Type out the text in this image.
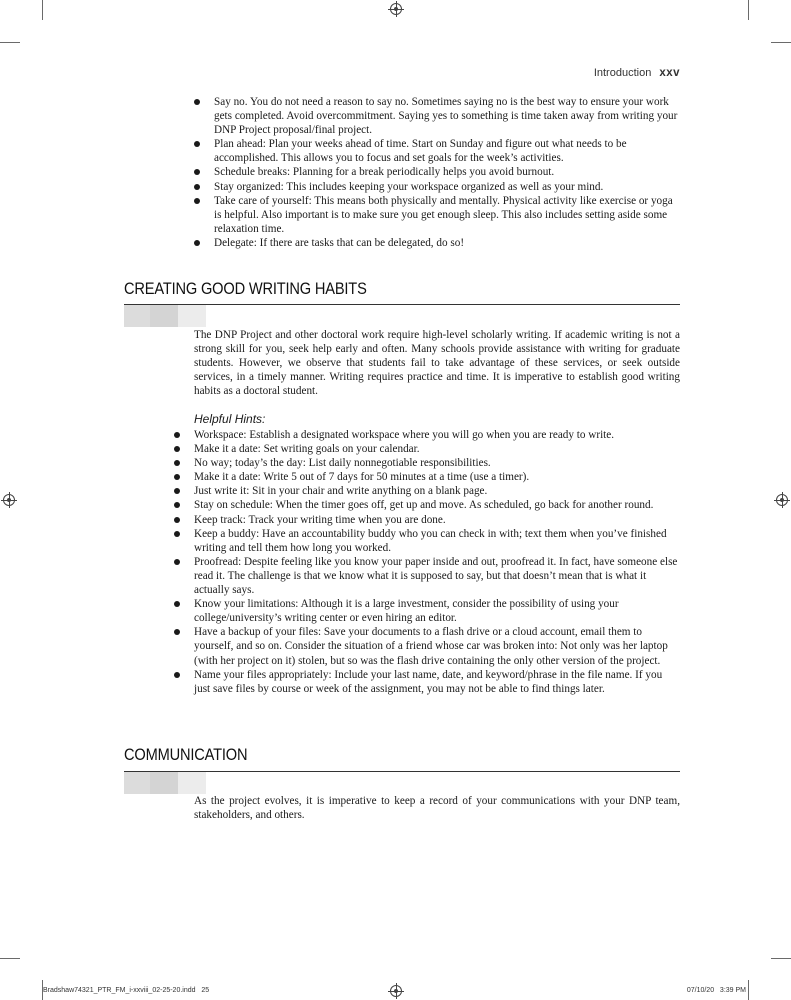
Introduction xxv
Say no. You do not need a reason to say no. Sometimes saying no is the best way to ensure your work gets completed. Avoid overcommitment. Saying yes to something is time taken away from writing your DNP Project proposal/final project.
Plan ahead: Plan your weeks ahead of time. Start on Sunday and figure out what needs to be accomplished. This allows you to focus and set goals for the week’s activities.
Schedule breaks: Planning for a break periodically helps you avoid burnout.
Stay organized: This includes keeping your workspace organized as well as your mind.
Take care of yourself: This means both physically and mentally. Physical activity like exercise or yoga is helpful. Also important is to make sure you get enough sleep. This also includes setting aside some relaxation time.
Delegate: If there are tasks that can be delegated, do so!
CREATING GOOD WRITING HABITS

The DNP Project and other doctoral work require high-level scholarly writing. If academic writing is not a strong skill for you, seek help early and often. Many schools provide assistance with writing for graduate students. However, we observe that students fail to take advantage of these services, or seek outside services, in a timely manner. Writing requires practice and time. It is imperative to establish good writing habits as a doctoral student.

Helpful Hints:
Workspace: Establish a designated workspace where you will go when you are ready to write.
Make it a date: Set writing goals on your calendar.
No way; today’s the day: List daily nonnegotiable responsibilities.
Make it a date: Write 5 out of 7 days for 50 minutes at a time (use a timer).
Just write it: Sit in your chair and write anything on a blank page.
Stay on schedule: When the timer goes off, get up and move. As scheduled, go back for another round.
Keep track: Track your writing time when you are done.
Keep a buddy: Have an accountability buddy who you can check in with; text them when you’ve finished writing and tell them how long you worked.
Proofread: Despite feeling like you know your paper inside and out, proofread it. In fact, have someone else read it. The challenge is that we know what it is supposed to say, but that doesn’t mean that is what it actually says.
Know your limitations: Although it is a large investment, consider the possibility of using your college/university’s writing center or even hiring an editor.
Have a backup of your files: Save your documents to a flash drive or a cloud account, email them to yourself, and so on. Consider the situation of a friend whose car was broken into: Not only was her laptop (with her project on it) stolen, but so was the flash drive containing the only other version of the project.
Name your files appropriately: Include your last name, date, and keyword/phrase in the file name. If you just save files by course or week of the assignment, you may not be able to find things later.
COMMUNICATION

As the project evolves, it is imperative to keep a record of your communications with your DNP team, stakeholders, and others.

Bradshaw74321_PTR_FM_i-xxviii_02-25-20.indd   25	07/10/20   3:39 PM
